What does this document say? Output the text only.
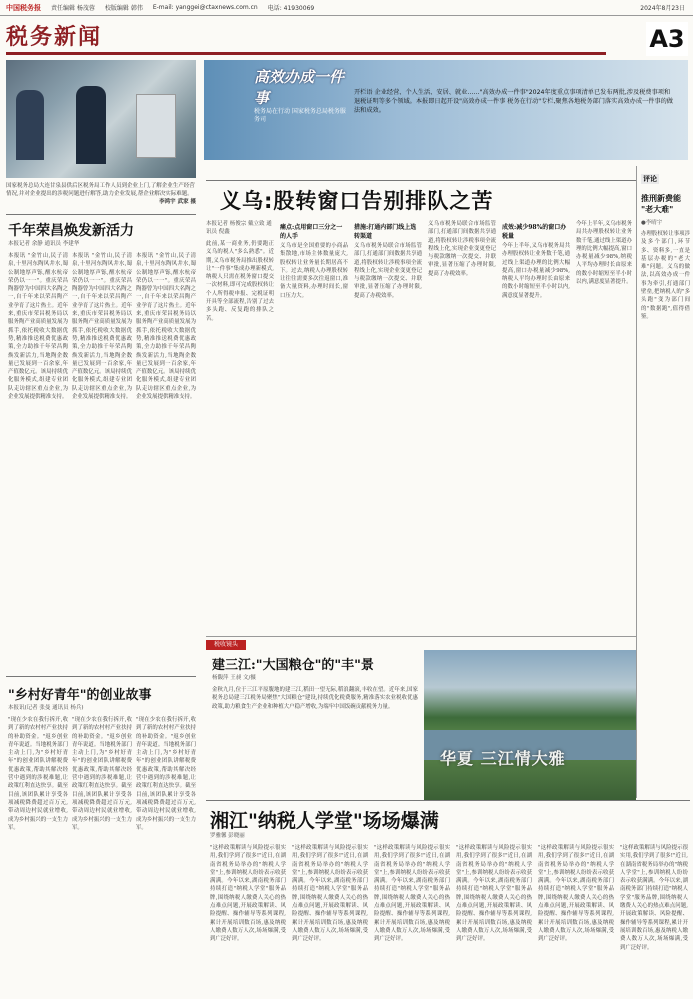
中国税务报 责任编辑 杨茂蓉 校版编辑 韩伟 E-mail: yanggei@ctaxnews.com.cn 电话: 41930069	2024年8月23日
税务新闻	A3
国家税务总局大连甘泉县供后区税务局工作人员到企业上门,了解企业生产经营情况,并对企业提出的涉税问题进行解答,助力企业发展,帮企业解决实际难题。
李鸿宇 武家 摄
千年荣昌焕发新活力
本报记者 余静 通讯员 李建华
本报讯 "金竹山,民子清泉,十里河东陶风井水,蜀公制地厚声铄,醒水杭帝荣仍以一一"。重庆荣昌陶器曾为中国四大名陶之一,自千年来以荣昌陶产业孕育了这片热土。近年来,重庆市荣昌税务局以服务陶产业高质量发展为抓手,依托税收大数据优势,精准推送税费优惠政策,全力助推千年荣昌陶焕发新活力,当地陶企数量已发展到一百余家,年产值数亿元。该局持续优化服务模式,组建专业团队走访辖区重点企业,为企业发展提供精准支持。
本报讯 "金竹山,民子清泉,十里河东陶风井水,蜀公制地厚声铄,醒水杭帝荣仍以一一"。重庆荣昌陶器曾为中国四大名陶之一,自千年来以荣昌陶产业孕育了这片热土。近年来,重庆市荣昌税务局以服务陶产业高质量发展为抓手,依托税收大数据优势,精准推送税费优惠政策,全力助推千年荣昌陶焕发新活力,当地陶企数量已发展到一百余家,年产值数亿元。该局持续优化服务模式,组建专业团队走访辖区重点企业,为企业发展提供精准支持。
本报讯 "金竹山,民子清泉,十里河东陶风井水,蜀公制地厚声铄,醒水杭帝荣仍以一一"。重庆荣昌陶器曾为中国四大名陶之一,自千年来以荣昌陶产业孕育了这片热土。近年来,重庆市荣昌税务局以服务陶产业高质量发展为抓手,依托税收大数据优势,精准推送税费优惠政策,全力助推千年荣昌陶焕发新活力,当地陶企数量已发展到一百余家,年产值数亿元。该局持续优化服务模式,组建专业团队走访辖区重点企业,为企业发展提供精准支持。
"乡村好青年"的创业故事
本报讯(记者 张曼 通讯员 杨兵)
"现在少农在我行拆开,收到了新的农村村产业扶持的补助资金。"返乡创业青年说道。当地税务部门主动上门,为"乡村好青年"的创业团队讲解税费优惠政策,帮助其解决经营中遇到的涉税难题,让政策红利直达快享。截至目前,该团队累计享受各项减税降费超过百万元,带动周边村民就业增收,成为乡村振兴的一支生力军。
"现在少农在我行拆开,收到了新的农村村产业扶持的补助资金。"返乡创业青年说道。当地税务部门主动上门,为"乡村好青年"的创业团队讲解税费优惠政策,帮助其解决经营中遇到的涉税难题,让政策红利直达快享。截至目前,该团队累计享受各项减税降费超过百万元,带动周边村民就业增收,成为乡村振兴的一支生力军。
"现在少农在我行拆开,收到了新的农村村产业扶持的补助资金。"返乡创业青年说道。当地税务部门主动上门,为"乡村好青年"的创业团队讲解税费优惠政策,帮助其解决经营中遇到的涉税难题,让政策红利直达快享。截至目前,该团队累计享受各项减税降费超过百万元,带动周边村民就业增收,成为乡村振兴的一支生力军。
高效办成一件事
税务局在行动 国家税务总局税务服务司
开栏语 企业经营、个人生活、安居、就业……"高效办成一件事"2024年度重点事项清单已发布两批,涉及税费事项和退税证明等多个领域。本报即日起开设"高效办成一件事 税务在行动"专栏,聚焦各地税务部门落实高效办成一件事的做法和成效。
义乌:股转窗口告别排队之苦
本报记者 杨俊宗 戴立致 通讯员 倪鑫
此前,某一商业务,仍要跑正义乌的税人"多么熟悉"。近期,义乌市税务局推出股权转让"一件事"集成办理新模式,纳税人只需在税务窗口提交一次材料,即可完成股权转让个人所得税申报、完税证明开具等全部流程,告别了过去多头跑、反复跑的排队之苦。
痛点:点用窗口三分之一的人手
义乌市是全国重要的小商品集散地,市场主体数量庞大,股权转让业务量长期居高不下。过去,纳税人办理股权转让往往需要多次往返窗口,准备大量资料,办理时间长,窗口压力大。
措施:打通内部门线上选转渠道
义乌市税务局联合市场监管部门,打通部门间数据共享通道,将股权转让涉税事项全流程线上化,实现企业变更登记与税款缴纳一次提交、并联审批,显著压缩了办理时限,提高了办税效率。
义乌市税务局联合市场监管部门,打通部门间数据共享通道,将股权转让涉税事项全流程线上化,实现企业变更登记与税款缴纳一次提交、并联审批,显著压缩了办理时限,提高了办税效率。
成效:减少98%的窗口办税量
今年上半年,义乌市税务局共办理股权转让业务数千笔,通过线上渠道办理的比例大幅提高,窗口办税量减少98%,纳税人平均办理时长由原来的数小时缩短至半小时以内,满意度显著提升。
今年上半年,义乌市税务局共办理股权转让业务数千笔,通过线上渠道办理的比例大幅提高,窗口办税量减少98%,纳税人平均办理时长由原来的数小时缩短至半小时以内,满意度显著提升。
评论
推刑新费能 "老大难"
●李晴宇
办理股权转让事项涉及多个部门,环节多、资料多,一直是基层办税的"老大难"问题。义乌的做法,以高效办成一件事为牵引,打通部门壁垒,把纳税人的"多头跑"变为部门间的"数据跑",值得借鉴。
税收镜头
建三江:"大国粮仓"的"丰"景
杨馥萍 王昶 文/摄
金秋九月,位于三江平原腹地的建三江,稻田一望无际,稻浪翻滚,丰收在望。近年来,国家税务总局建三江税务局聚焦"大国粮仓"建设,持续优化税费服务,精准落实农业税收优惠政策,助力粮食生产企业和种植大户稳产增收,为端牢中国饭碗贡献税务力量。
华夏 三江情大雅
湘江"纳税人学堂"场场爆满
罗雅馨 彭晓丽
"这样政策解读与风险提示很实用,我们学到了很多!"近日,在湖南省税务局举办的"纳税人学堂"上,参训纳税人纷纷表示收获满满。今年以来,湖南税务部门持续打造"纳税人学堂"服务品牌,围绕纳税人缴费人关心的热点难点问题,开展政策解读、风险提醒、操作辅导等系列课程,累计开展培训数百场,惠及纳税人缴费人数万人次,场场爆满,受到广泛好评。
"这样政策解读与风险提示很实用,我们学到了很多!"近日,在湖南省税务局举办的"纳税人学堂"上,参训纳税人纷纷表示收获满满。今年以来,湖南税务部门持续打造"纳税人学堂"服务品牌,围绕纳税人缴费人关心的热点难点问题,开展政策解读、风险提醒、操作辅导等系列课程,累计开展培训数百场,惠及纳税人缴费人数万人次,场场爆满,受到广泛好评。
"这样政策解读与风险提示很实用,我们学到了很多!"近日,在湖南省税务局举办的"纳税人学堂"上,参训纳税人纷纷表示收获满满。今年以来,湖南税务部门持续打造"纳税人学堂"服务品牌,围绕纳税人缴费人关心的热点难点问题,开展政策解读、风险提醒、操作辅导等系列课程,累计开展培训数百场,惠及纳税人缴费人数万人次,场场爆满,受到广泛好评。
"这样政策解读与风险提示很实用,我们学到了很多!"近日,在湖南省税务局举办的"纳税人学堂"上,参训纳税人纷纷表示收获满满。今年以来,湖南税务部门持续打造"纳税人学堂"服务品牌,围绕纳税人缴费人关心的热点难点问题,开展政策解读、风险提醒、操作辅导等系列课程,累计开展培训数百场,惠及纳税人缴费人数万人次,场场爆满,受到广泛好评。
"这样政策解读与风险提示很实用,我们学到了很多!"近日,在湖南省税务局举办的"纳税人学堂"上,参训纳税人纷纷表示收获满满。今年以来,湖南税务部门持续打造"纳税人学堂"服务品牌,围绕纳税人缴费人关心的热点难点问题,开展政策解读、风险提醒、操作辅导等系列课程,累计开展培训数百场,惠及纳税人缴费人数万人次,场场爆满,受到广泛好评。
"这样政策解读与风险提示很实用,我们学到了很多!"近日,在湖南省税务局举办的"纳税人学堂"上,参训纳税人纷纷表示收获满满。今年以来,湖南税务部门持续打造"纳税人学堂"服务品牌,围绕纳税人缴费人关心的热点难点问题,开展政策解读、风险提醒、操作辅导等系列课程,累计开展培训数百场,惠及纳税人缴费人数万人次,场场爆满,受到广泛好评。
